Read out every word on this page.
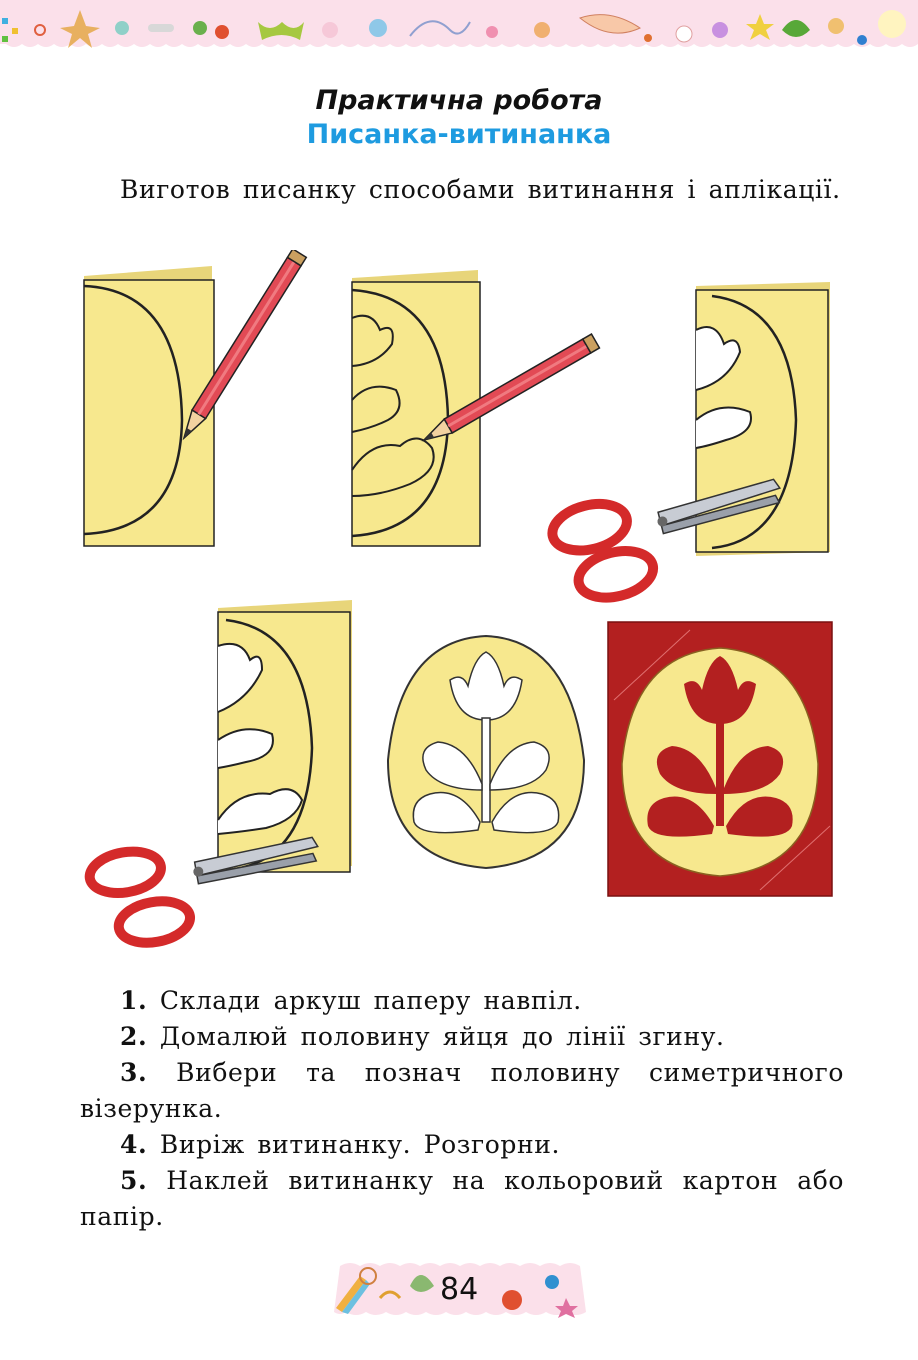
Практична робота
Писанка-витинанка
Виготов писанку способами витинання і аплікації.

1. Склади аркуш паперу навпіл.

2. Домалюй половину яйця до лінії згину.

3. Вибери та познач половину симетричного візерунка.

4. Виріж витинанку. Розгорни.

5. Наклей витинанку на кольоровий картон або папір.

84
